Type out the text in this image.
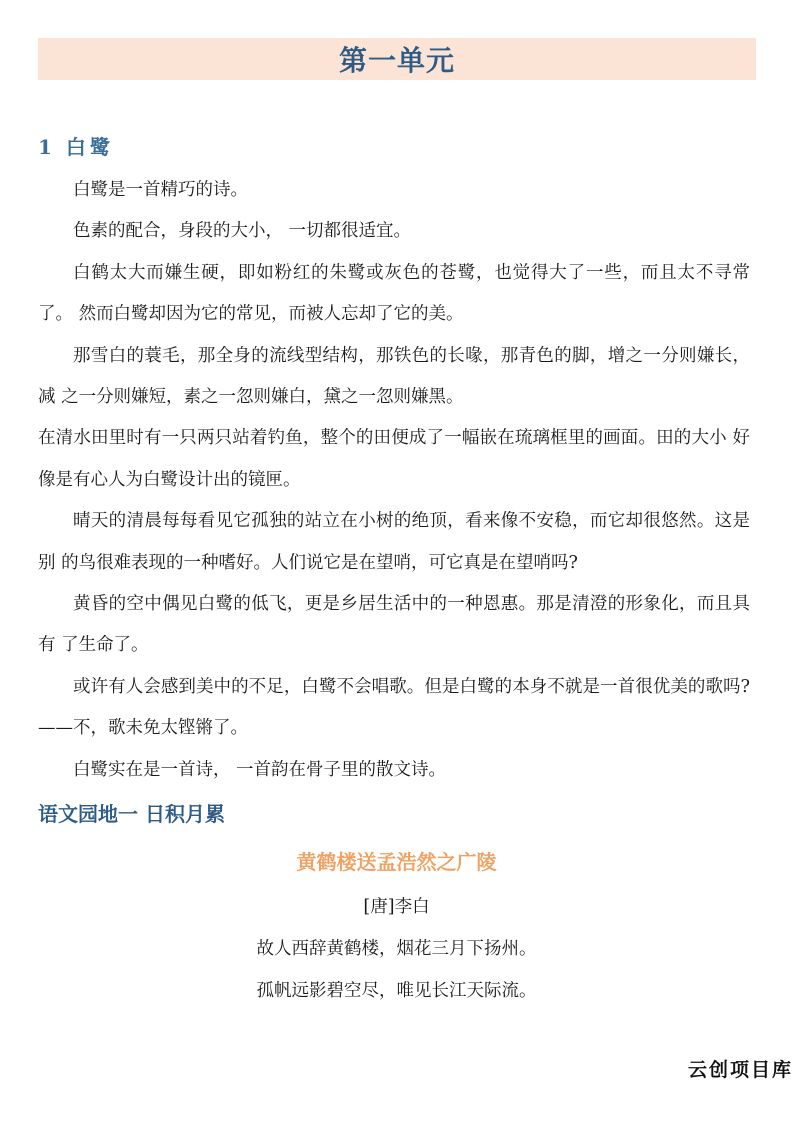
第一单元
1 白鹭

白鹭是一首精巧的诗。

色素的配合，身段的大小， 一切都很适宜。

白鹤太大而嫌生硬，即如粉红的朱鹭或灰色的苍鹭，也觉得大了一些，而且太不寻常了。 然而白鹭却因为它的常见，而被人忘却了它的美。

那雪白的蓑毛，那全身的流线型结构，那铁色的长喙，那青色的脚，增之一分则嫌长，减 之一分则嫌短，素之一忽则嫌白，黛之一忽则嫌黑。

在清水田里时有一只两只站着钓鱼，整个的田便成了一幅嵌在琉璃框里的画面。田的大小 好像是有心人为白鹭设计出的镜匣。

晴天的清晨每每看见它孤独的站立在小树的绝顶，看来像不安稳，而它却很悠然。这是别 的鸟很难表现的一种嗜好。人们说它是在望哨，可它真是在望哨吗?

黄昏的空中偶见白鹭的低飞，更是乡居生活中的一种恩惠。那是清澄的形象化，而且具有 了生命了。

或许有人会感到美中的不足，白鹭不会唱歌。但是白鹭的本身不就是一首很优美的歌吗? ——不，歌未免太铿锵了。

白鹭实在是一首诗， 一首韵在骨子里的散文诗。

语文园地一 日积月累
黄鹤楼送孟浩然之广陵
[唐]李白
故人西辞黄鹤楼，烟花三月下扬州。
孤帆远影碧空尽，唯见长江天际流。
云创项目库
